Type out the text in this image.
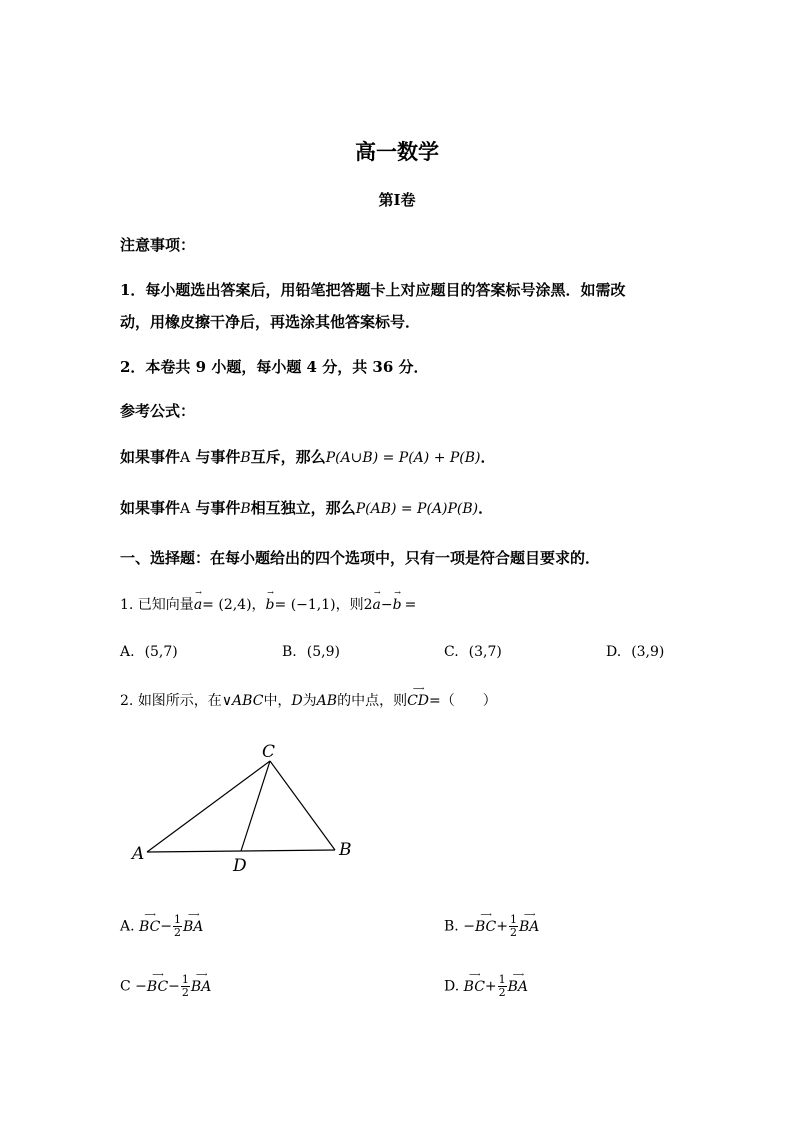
高一数学
第Ⅰ卷
注意事项：
1．每小题选出答案后，用铅笔把答题卡上对应题目的答案标号涂黑．如需改
动，用橡皮擦干净后，再选涂其他答案标号．
2．本卷共 9 小题，每小题 4 分，共 36 分．
参考公式：
如果事件A 与事件B互斥，那么P(A∪B) = P(A) + P(B)．
如果事件A 与事件B相互独立，那么P(AB) = P(A)P(B)．
一、选择题：在每小题给出的四个选项中，只有一项是符合题目要求的．
1. 已知向量
→
a= (2,4)，
→
b= (−1,1)，则2
→
a−
→
b =
A. (5,7)	B. (5,9)	C. (3,7)	D. (3,9)
2. 如图所示，在∨ABC中，D为AB的中点，则
⟶
CD=（　　）
A	B
C
D
A.
⟶
$BC- \frac{1}{2}$ ⟶
BA	B. −
⟶
$BC+ \frac{1}{2}$ ⟶
BA
C −
⟶
$BC- \frac{1}{2}$ ⟶
BA	D.
⟶
$BC+ \frac{1}{2}$ ⟶
BA
